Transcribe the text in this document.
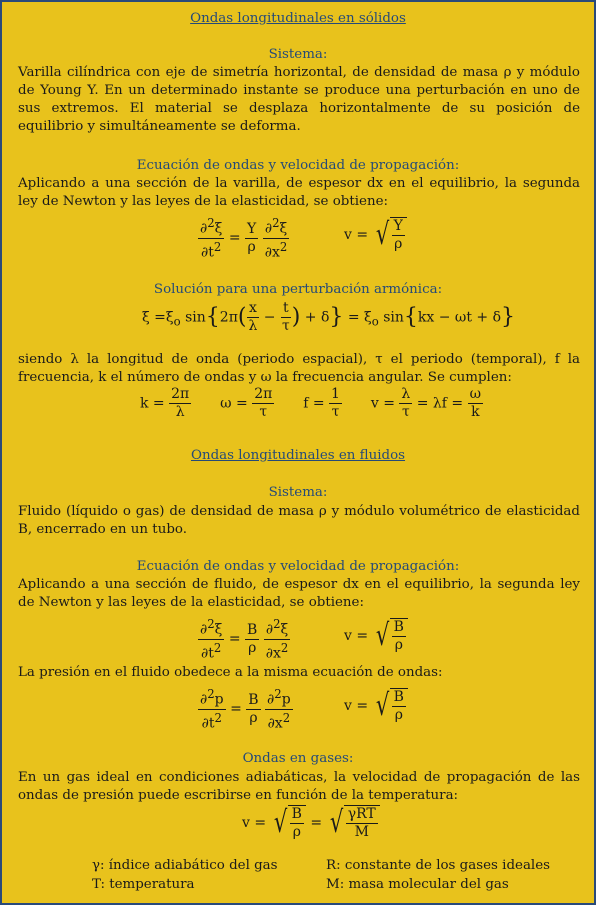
Ondas longitudinales en sólidos
Sistema:
Varilla cilíndrica con eje de simetría horizontal, de densidad de masa ρ y módulo de Young Y. En un determinado instante se produce una perturbación en uno de sus extremos. El material se desplaza horizontalmente de su posición de equilibrio y simultáneamente se deforma.
Ecuación de ondas y velocidad de propagación:
Aplicando a una sección de la varilla, de espesor dx en el equilibrio, la segunda ley de Newton y las leyes de la elasticidad, se obtiene:
$\frac{\partial^2\xi}{\partial t^2} = \frac{Y}{\rho}$
$\frac{\partial^2\xi}{\partial x^2}$	v = √ $\frac{Y}{\rho}$
Solución para una perturbación armónica:
$\xi =\xi_o$ $\sin\{2\pi( \frac{x}{\lambda} - \frac{t}{\tau}$ ) + $\delta\} = \xi_o$ sin{kx − ωt + δ}
siendo λ la longitud de onda (periodo espacial), τ el periodo (temporal), f la frecuencia, k el número de ondas y ω la frecuencia angular. Se cumplen:
$k = \frac{2\pi}{\lambda}$ $\omega = \frac{2\pi}{\tau}$ $f = \frac{1}{\tau}$ $v = \frac{\lambda}{\tau} = \lambda f = \frac{\omega}{k}$
Ondas longitudinales en fluidos
Sistema:
Fluido (líquido o gas) de densidad de masa ρ y módulo volumétrico de elasticidad B, encerrado en un tubo.
Ecuación de ondas y velocidad de propagación:
Aplicando a una sección de fluido, de espesor dx en el equilibrio, la segunda ley de Newton y las leyes de la elasticidad, se obtiene:
$\frac{\partial^2\xi}{\partial t^2} = \frac{B}{\rho}$
$\frac{\partial^2\xi}{\partial x^2}$	v = √ $\frac{B}{\rho}$
La presión en el fluido obedece a la misma ecuación de ondas:
$\frac{\partial^2p}{\partial t^2} = \frac{B}{\rho}$
$\frac{\partial^2p}{\partial x^2}$	v = √ $\frac{B}{\rho}$
Ondas en gases:
En un gas ideal en condiciones adiabáticas, la velocidad de propagación de las ondas de presión puede escribirse en función de la temperatura:
v = √ $\frac{B}{\rho}$ = √ $\frac{\text{γRT}}{M}$
γ: índice adiabático del gas	R: constante de los gases ideales
T: temperatura	M: masa molecular del gas
